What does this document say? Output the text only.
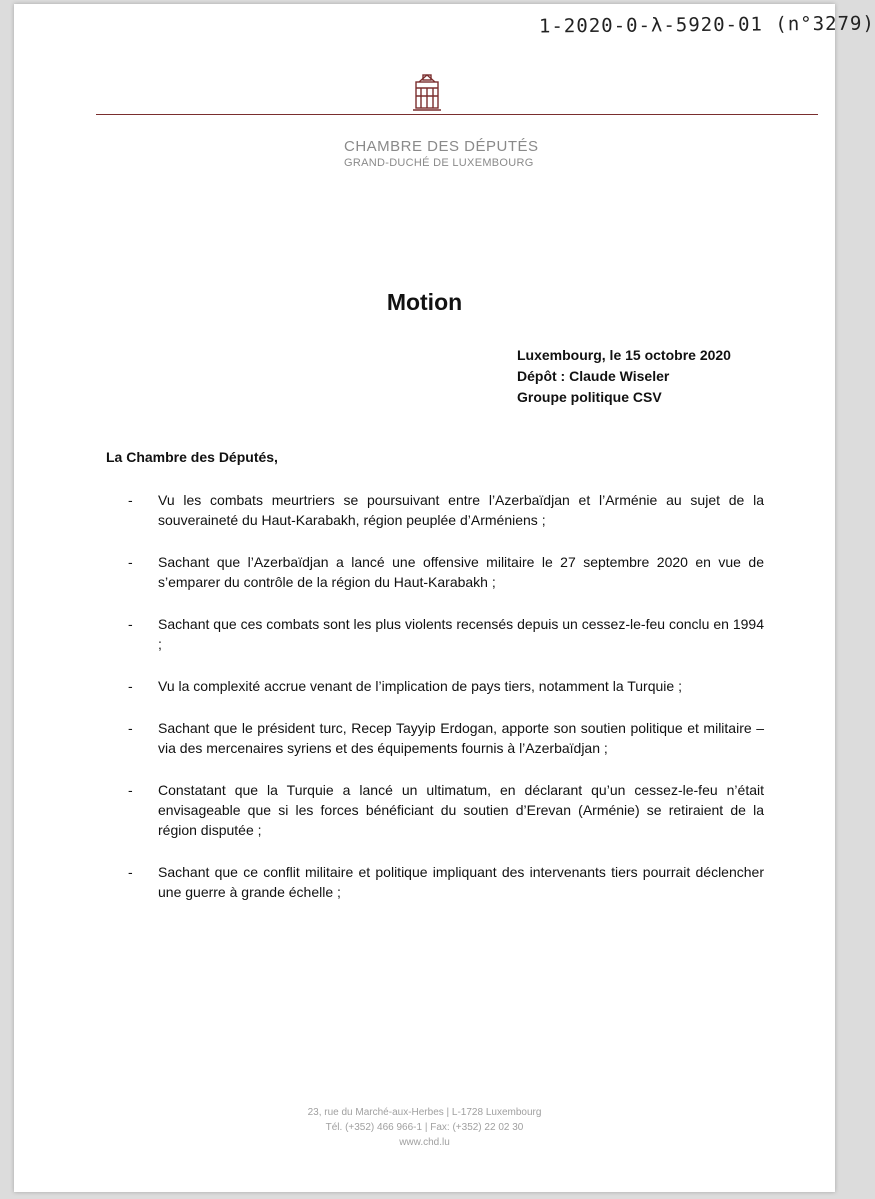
1-2020-0-λ-5920-01 (n°3279)
CHAMBRE DES DÉPUTÉS
GRAND-DUCHÉ DE LUXEMBOURG
Motion
Luxembourg, le 15 octobre 2020
Dépôt : Claude Wiseler
Groupe politique CSV
La Chambre des Députés,
- Vu les combats meurtriers se poursuivant entre l’Azerbaïdjan et l’Arménie au sujet de la souveraineté du Haut-Karabakh, région peuplée d’Arméniens ;
- Sachant que l’Azerbaïdjan a lancé une offensive militaire le 27 septembre 2020 en vue de s’emparer du contrôle de la région du Haut-Karabakh ;
- Sachant que ces combats sont les plus violents recensés depuis un cessez-le-feu conclu en 1994 ;
- Vu la complexité accrue venant de l’implication de pays tiers, notamment la Turquie ;
- Sachant que le président turc, Recep Tayyip Erdogan, apporte son soutien politique et militaire – via des mercenaires syriens et des équipements fournis à l’Azerbaïdjan ;
- Constatant que la Turquie a lancé un ultimatum, en déclarant qu’un cessez-le-feu n’était envisageable que si les forces bénéficiant du soutien d’Erevan (Arménie) se retiraient de la région disputée ;
- Sachant que ce conflit militaire et politique impliquant des intervenants tiers pourrait déclencher une guerre à grande échelle ;
23, rue du Marché-aux-Herbes | L-1728 Luxembourg
Tél. (+352) 466 966-1 | Fax: (+352) 22 02 30
www.chd.lu
